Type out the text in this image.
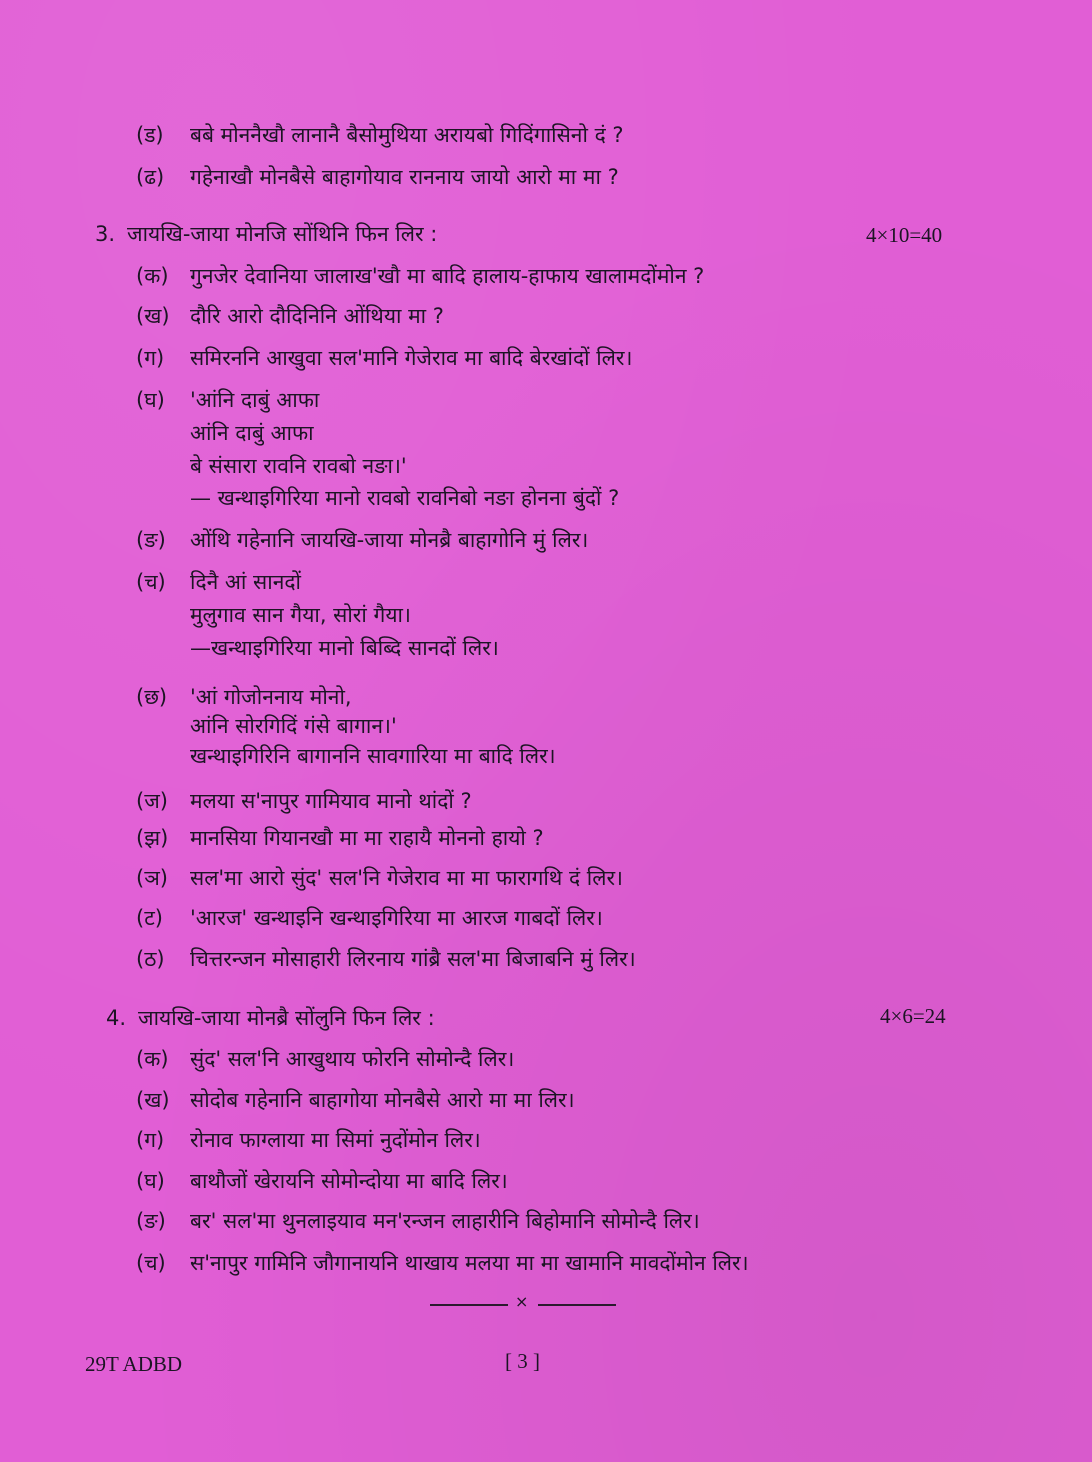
(ड) बबे मोननैखौ लानानै बैसोमुथिया अरायबो गिदिंगासिनो दं ?
(ढ) गहेनाखौ मोनबैसे बाहागोयाव राननाय जायो आरो मा मा ?
3. जायखि-जाया मोनजि सोंथिनि फिन लिर :	4×10=40
(क) गुनजेर देवानिया जालाख'खौ मा बादि हालाय-हाफाय खालामदोंमोन ?
(ख) दौरि आरो दौदिनिनि ओंथिया मा ?
(ग) समिरननि आखुवा सल'मानि गेजेराव मा बादि बेरखांदों लिर।
(घ) 'आंनि दाबुं आफा
आंनि दाबुं आफा
बे संसारा रावनि रावबो नङा।'
— खन्थाइगिरिया मानो रावबो रावनिबो नङा होनना बुंदों ?
(ङ) ओंथि गहेनानि जायखि-जाया मोनब्रै बाहागोनि मुं लिर।
(च) दिनै आं सानदों
मुलुगाव सान गैया, सोरां गैया।
—खन्थाइगिरिया मानो बिब्दि सानदों लिर।
(छ) 'आं गोजोननाय मोनो,
आंनि सोरगिदिं गंसे बागान।'
खन्थाइगिरिनि बागाननि सावगारिया मा बादि लिर।
(ज) मलया स'नापुर गामियाव मानो थांदों ?
(झ) मानसिया गियानखौ मा मा राहायै मोननो हायो ?
(ञ) सल'मा आरो सुंद' सल'नि गेजेराव मा मा फारागथि दं लिर।
(ट) 'आरज' खन्थाइनि खन्थाइगिरिया मा आरज गाबदों लिर।
(ठ) चित्तरन्जन मोसाहारी लिरनाय गांब्रै सल'मा बिजाबनि मुं लिर।
4. जायखि-जाया मोनब्रै सोंलुनि फिन लिर :	4×6=24
(क) सुंद' सल'नि आखुथाय फोरनि सोमोन्दै लिर।
(ख) सोदोब गहेनानि बाहागोया मोनबैसे आरो मा मा लिर।
(ग) रोनाव फाग्लाया मा सिमां नुदोंमोन लिर।
(घ) बाथौजों खेरायनि सोमोन्दोया मा बादि लिर।
(ङ) बर' सल'मा थुनलाइयाव मन'रन्जन लाहारीनि बिहोमानि सोमोन्दै लिर।
(च) स'नापुर गामिनि जौगानायनि थाखाय मलया मा मा खामानि मावदोंमोन लिर।
×
29T ADBD	[ 3 ]
